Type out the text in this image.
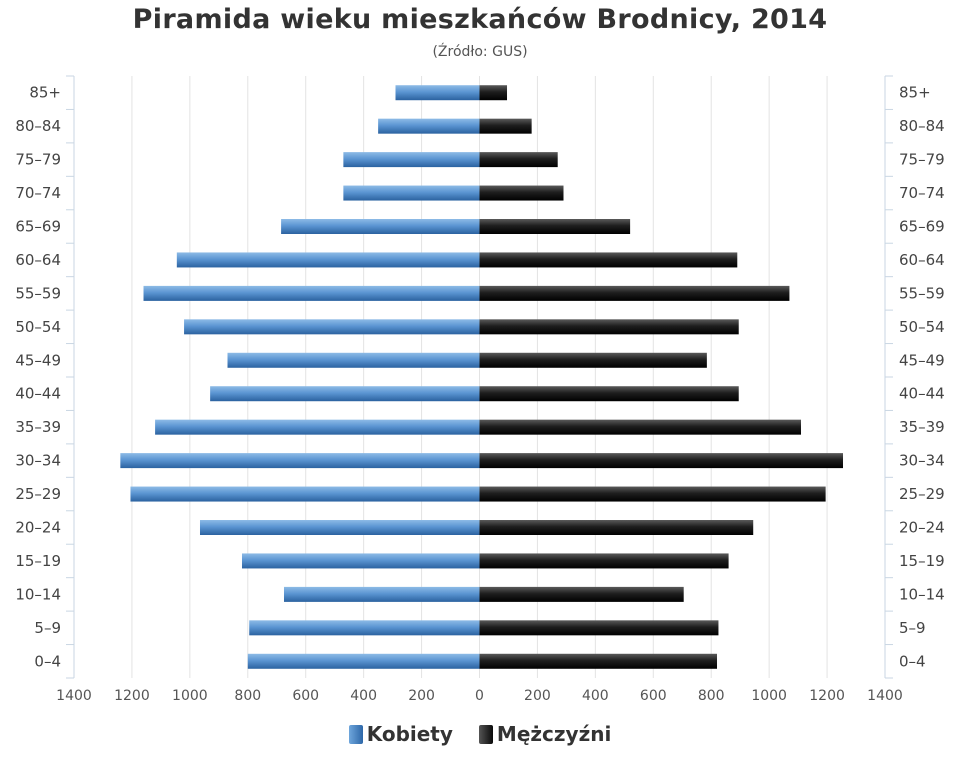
Piramida wieku mieszkańców Brodnicy, 2014
(Źródło: GUS)
1400 1200 1000 800 600 400 200	0	200 400 600 800 1000 1200 1400
85+	85+
80–84	80–84
75–79	75–79
70–74	70–74
65–69	65–69
60–64	60–64
55–59	55–59
50–54	50–54
45–49	45–49
40–44	40–44
35–39	35–39
30–34	30–34
25–29	25–29
20–24	20–24
15–19	15–19
10–14	10–14
5–9	5–9
0–4	0–4
Kobiety Mężczyźni
